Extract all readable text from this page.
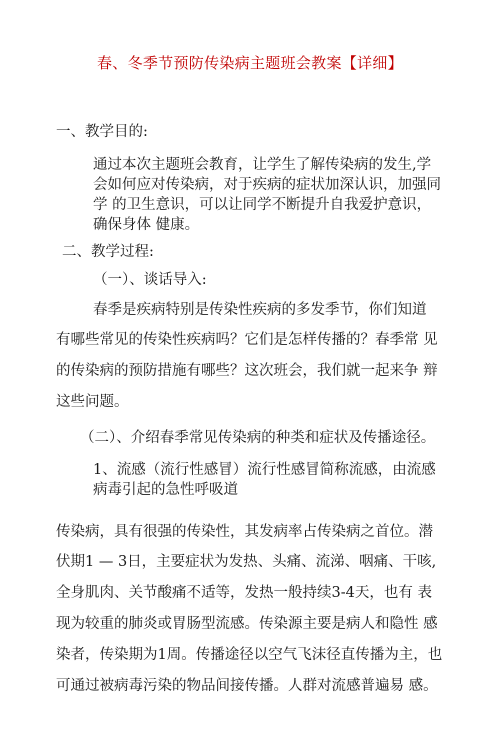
春、冬季节预防传染病主题班会教案【详细】
一、教学目的:
通过本次主题班会教育，让学生了解传染病的发生,学
会如何应对传染病，对于疾病的症状加深认识，加强同
学 的卫生意识，可以让同学不断提升自我爱护意识，
确保身体 健康。
二、教学过程:
（一）、谈话导入:
春季是疾病特别是传染性疾病的多发季节，你们知道
有哪些常见的传染性疾病吗？它们是怎样传播的？春季常 见
的传染病的预防措施有哪些？这次班会，我们就一起来争 辩
这些问题。
（二）、介绍春季常见传染病的种类和症状及传播途径。
1、流感（流行性感冒）流行性感冒简称流感，由流感
病毒引起的急性呼吸道
传染病，具有很强的传染性，其发病率占传染病之首位。潜
伏期1 — 3日，主要症状为发热、头痛、流涕、咽痛、干咳,
全身肌肉、关节酸痛不适等，发热一般持续3-4天，也有 表
现为较重的肺炎或胃肠型流感。传染源主要是病人和隐性 感
染者，传染期为1周。传播途径以空气飞沫径直传播为主，也
可通过被病毒污染的物品间接传播。人群对流感普遍易 感。
